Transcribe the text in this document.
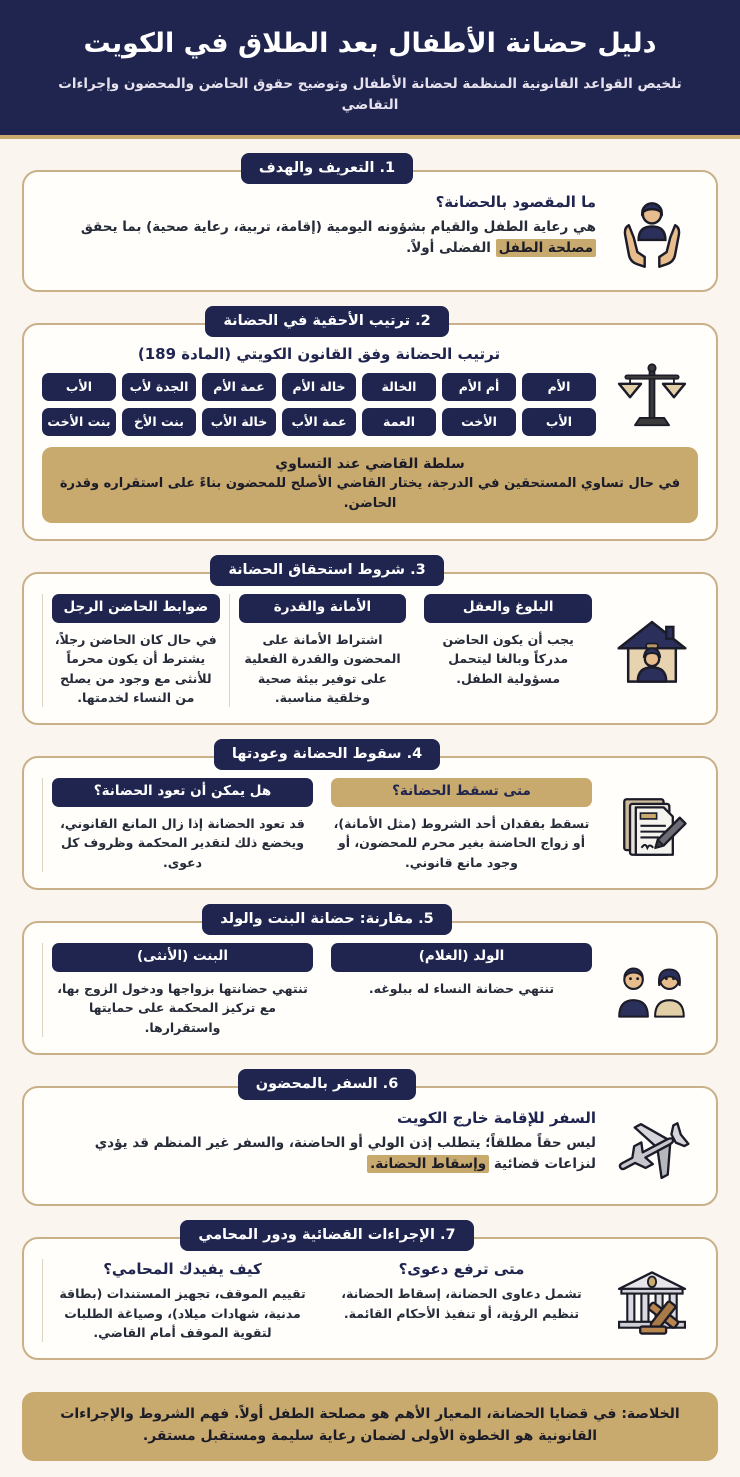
دليل حضانة الأطفال بعد الطلاق في الكويت
تلخيص القواعد القانونية المنظمة لحضانة الأطفال وتوضيح حقوق الحاضن والمحضون وإجراءات التقاضي
1. التعريف والهدف
ما المقصود بالحضانة؟
هي رعاية الطفل والقيام بشؤونه اليومية (إقامة، تربية، رعاية صحية) بما يحقق مصلحة الطفل الفضلى أولاً.
2. ترتيب الأحقية في الحضانة
ترتيب الحضانة وفق القانون الكويتي (المادة 189)
الأم
أم الأم
الخالة
خالة الأم
عمة الأم
الجدة لأب
الأب
الأب
الأخت
العمة
عمة الأب
خالة الأب
بنت الأخ
بنت الأخت
سلطة القاضي عند التساوي
في حال تساوي المستحقين في الدرجة، يختار القاضي الأصلح للمحضون بناءً على استقراره وقدرة الحاضن.
3. شروط استحقاق الحضانة
البلوغ والعقل
يجب أن يكون الحاضن مدركاً وبالغا ليتحمل مسؤولية الطفل.
الأمانة والقدرة
اشتراط الأمانة على المحضون والقدرة الفعلية على توفير بيئة صحية وخلقية مناسبة.
ضوابط الحاضن الرجل
في حال كان الحاضن رجلاً، يشترط أن يكون محرماً للأنثى مع وجود من يصلح من النساء لخدمتها.
4. سقوط الحضانة وعودتها
متى تسقط الحضانة؟
تسقط بفقدان أحد الشروط (مثل الأمانة)، أو زواج الحاضنة بغير محرم للمحضون، أو وجود مانع قانوني.
هل يمكن أن تعود الحضانة؟
قد تعود الحضانة إذا زال المانع القانوني، ويخضع ذلك لتقدير المحكمة وظروف كل دعوى.
5. مقارنة: حضانة البنت والولد
الولد (الغلام)
تنتهي حضانة النساء له ببلوغه.
البنت (الأنثى)
تنتهي حضانتها بزواجها ودخول الزوج بها، مع تركيز المحكمة على حمايتها واستقرارها.
6. السفر بالمحضون
السفر للإقامة خارج الكويت
ليس حقاً مطلقاً؛ يتطلب إذن الولي أو الحاضنة، والسفر غير المنظم قد يؤدي لنزاعات قضائية وإسقاط الحضانة.
7. الإجراءات القضائية ودور المحامي
متى ترفع دعوى؟
تشمل دعاوى الحضانة، إسقاط الحضانة، تنظيم الرؤية، أو تنفيذ الأحكام القائمة.
كيف يفيدك المحامي؟
تقييم الموقف، تجهيز المستندات (بطاقة مدنية، شهادات ميلاد)، وصياغة الطلبات لتقوية الموقف أمام القاضي.

الخلاصة: في قضايا الحضانة، المعيار الأهم هو مصلحة الطفل أولاً. فهم الشروط والإجراءات القانونية هو الخطوة الأولى لضمان رعاية سليمة ومستقبل مستقر.
